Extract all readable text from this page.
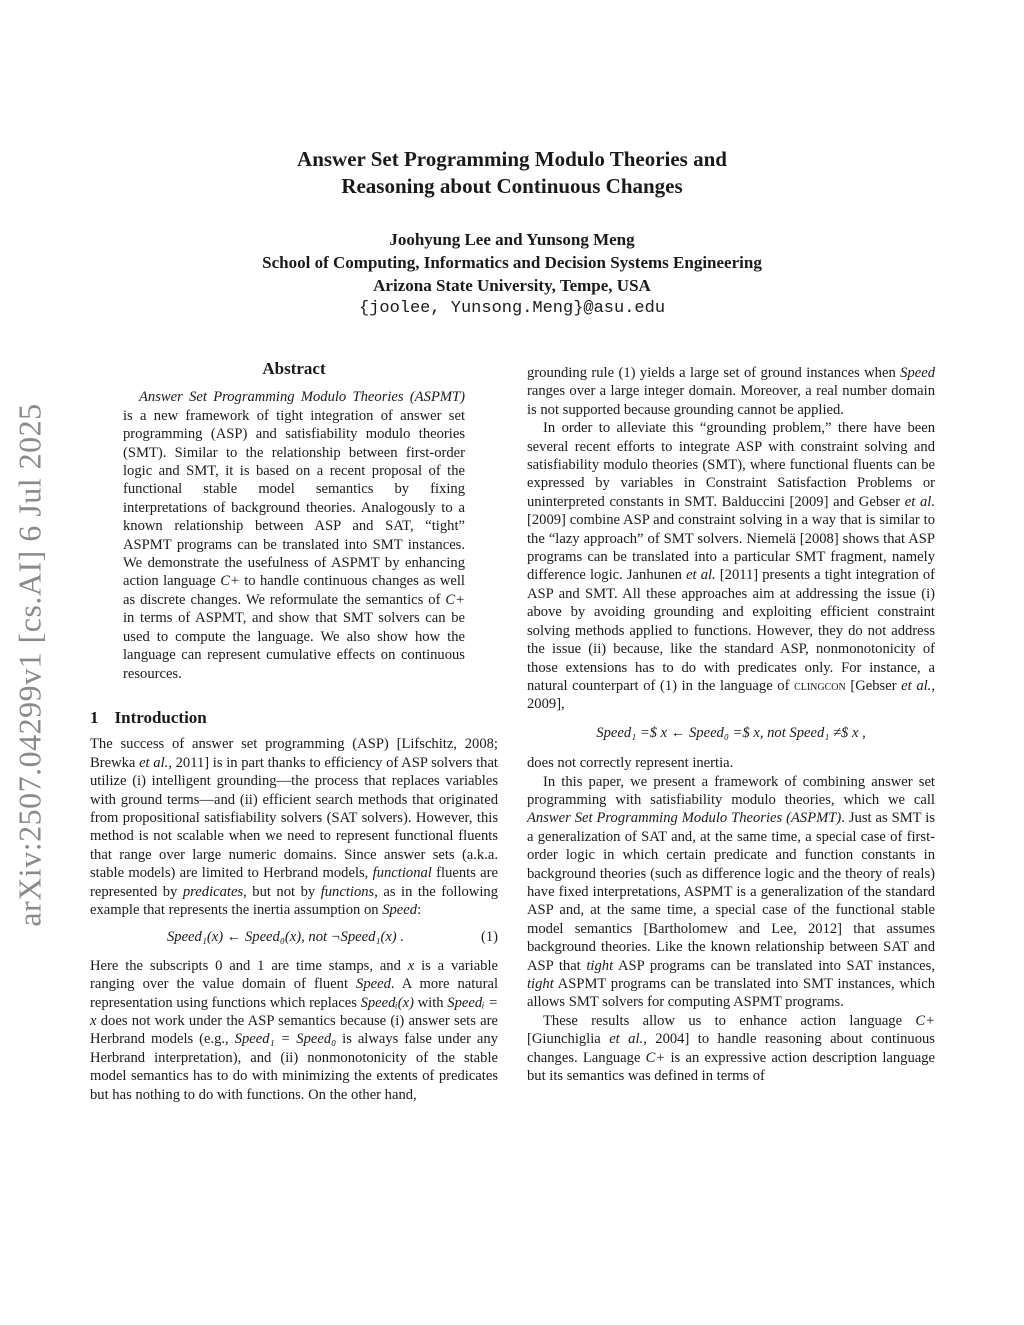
arXiv:2507.04299v1 [cs.AI] 6 Jul 2025
Answer Set Programming Modulo Theories and
Reasoning about Continuous Changes
Joohyung Lee and Yunsong Meng
School of Computing, Informatics and Decision Systems Engineering
Arizona State University, Tempe, USA
{joolee, Yunsong.Meng}@asu.edu
Abstract

Answer Set Programming Modulo Theories (ASPMT) is a new framework of tight integration of answer set programming (ASP) and satisfiability modulo theories (SMT). Similar to the relationship between first-order logic and SMT, it is based on a recent proposal of the functional stable model semantics by fixing interpretations of background theories. Analogously to a known relationship between ASP and SAT, “tight” ASPMT programs can be translated into SMT instances. We demonstrate the usefulness of ASPMT by enhancing action language C+ to handle continuous changes as well as discrete changes. We reformulate the semantics of C+ in terms of ASPMT, and show that SMT solvers can be used to compute the language. We also show how the language can represent cumulative effects on continuous resources.

1 Introduction

The success of answer set programming (ASP) [Lifschitz, 2008; Brewka et al., 2011] is in part thanks to efficiency of ASP solvers that utilize (i) intelligent grounding—the process that replaces variables with ground terms—and (ii) efficient search methods that originated from propositional satisfiability solvers (SAT solvers). However, this method is not scalable when we need to represent functional fluents that range over large numeric domains. Since answer sets (a.k.a. stable models) are limited to Herbrand models, functional fluents are represented by predicates, but not by functions, as in the following example that represents the inertia assumption on Speed:

Speed₁(x) ← Speed₀(x), not ¬Speed₁(x) .	(1)

Here the subscripts 0 and 1 are time stamps, and x is a variable ranging over the value domain of fluent Speed. A more natural representation using functions which replaces Speedᵢ(x) with Speedᵢ = x does not work under the ASP semantics because (i) answer sets are Herbrand models (e.g., Speed₁ = Speed₀ is always false under any Herbrand interpretation), and (ii) nonmonotonicity of the stable model semantics has to do with minimizing the extents of predicates but has nothing to do with functions. On the other hand,

grounding rule (1) yields a large set of ground instances when Speed ranges over a large integer domain. Moreover, a real number domain is not supported because grounding cannot be applied.

In order to alleviate this “grounding problem,” there have been several recent efforts to integrate ASP with constraint solving and satisfiability modulo theories (SMT), where functional fluents can be expressed by variables in Constraint Satisfaction Problems or uninterpreted constants in SMT. Balduccini [2009] and Gebser et al. [2009] combine ASP and constraint solving in a way that is similar to the “lazy approach” of SMT solvers. Niemelä [2008] shows that ASP programs can be translated into a particular SMT fragment, namely difference logic. Janhunen et al. [2011] presents a tight integration of ASP and SMT. All these approaches aim at addressing the issue (i) above by avoiding grounding and exploiting efficient constraint solving methods applied to functions. However, they do not address the issue (ii) because, like the standard ASP, nonmonotonicity of those extensions has to do with predicates only. For instance, a natural counterpart of (1) in the language of clingcon [Gebser et al., 2009],

Speed₁ =$ x ← Speed₀ =$ x, not Speed₁ ≠$ x ,

does not correctly represent inertia.

In this paper, we present a framework of combining answer set programming with satisfiability modulo theories, which we call Answer Set Programming Modulo Theories (ASPMT). Just as SMT is a generalization of SAT and, at the same time, a special case of first-order logic in which certain predicate and function constants in background theories (such as difference logic and the theory of reals) have fixed interpretations, ASPMT is a generalization of the standard ASP and, at the same time, a special case of the functional stable model semantics [Bartholomew and Lee, 2012] that assumes background theories. Like the known relationship between SAT and ASP that tight ASP programs can be translated into SAT instances, tight ASPMT programs can be translated into SMT instances, which allows SMT solvers for computing ASPMT programs.

These results allow us to enhance action language C+ [Giunchiglia et al., 2004] to handle reasoning about continuous changes. Language C+ is an expressive action description language but its semantics was defined in terms of
